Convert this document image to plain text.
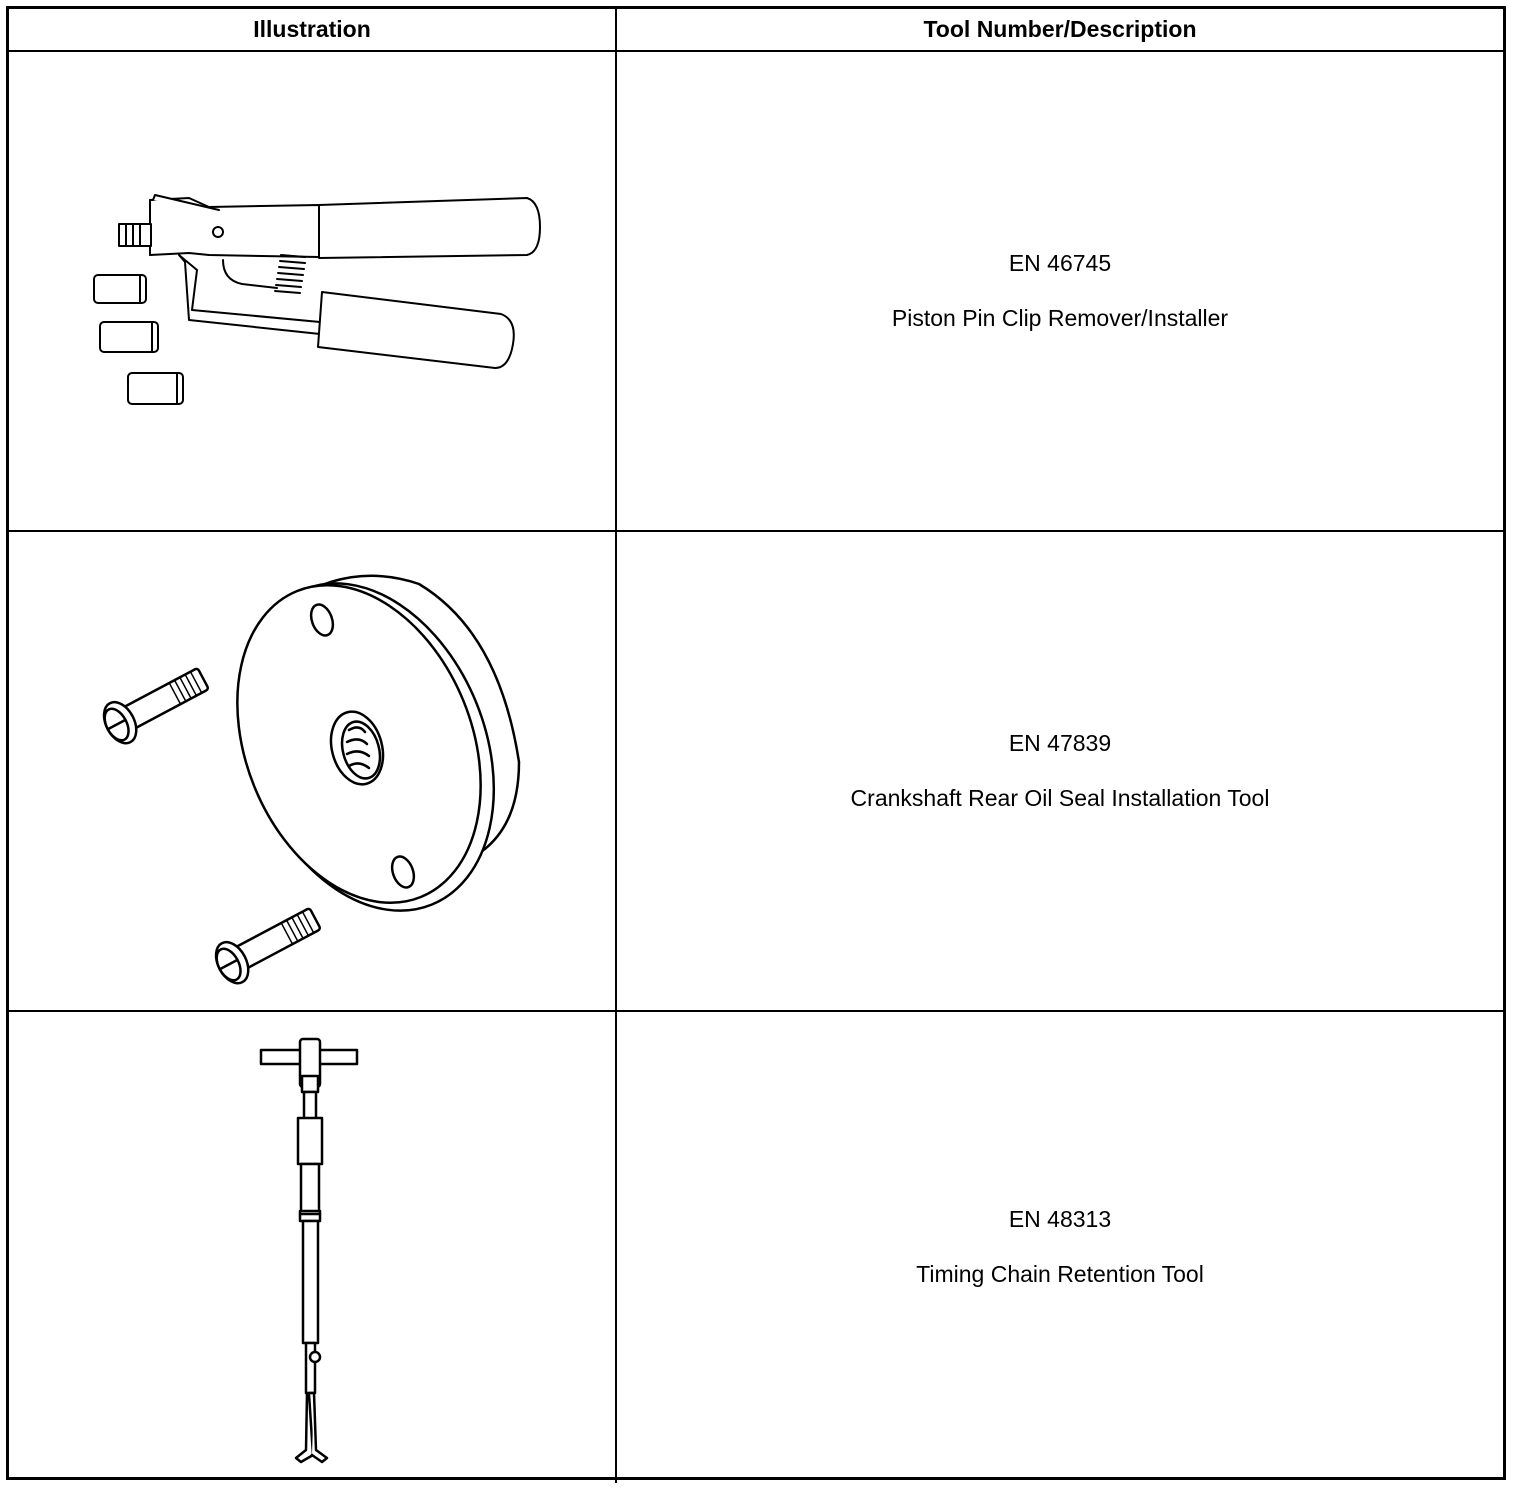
Illustration	Tool Number/Description
EN 46745
Piston Pin Clip Remover/Installer
EN 47839
Crankshaft Rear Oil Seal Installation Tool
EN 48313
Timing Chain Retention Tool
